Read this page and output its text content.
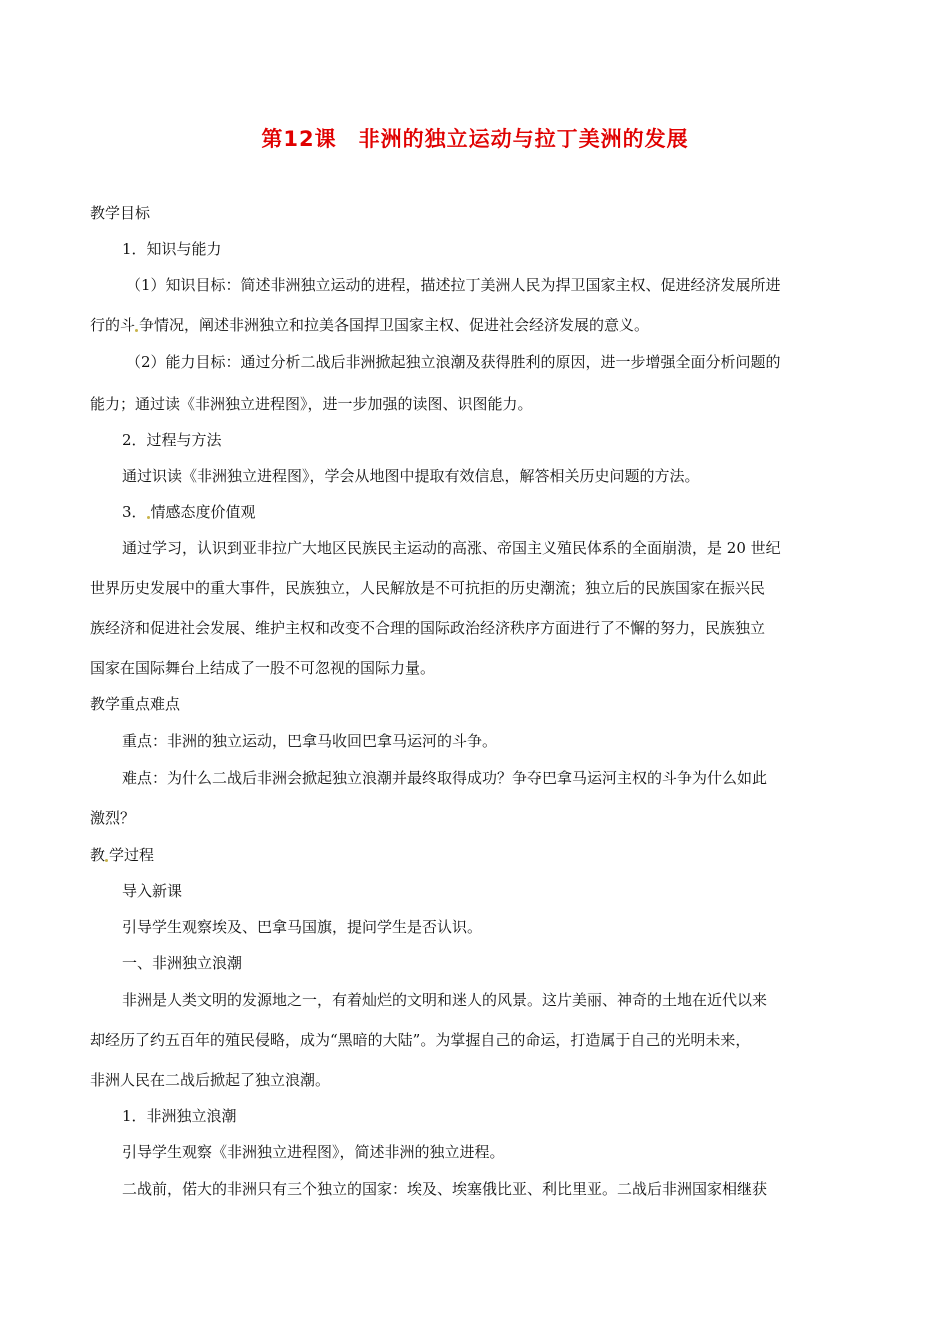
第12课 非洲的独立运动与拉丁美洲的发展

教学目标

1．知识与能力

（1）知识目标：简述非洲独立运动的进程，描述拉丁美洲人民为捍卫国家主权、促进经济发展所进

行的斗 争情况，阐述非洲独立和拉美各国捍卫国家主权、促进社会经济发展的意义。

（2）能力目标：通过分析二战后非洲掀起独立浪潮及获得胜利的原因，进一步增强全面分析问题的

能力；通过读《非洲独立进程图》，进一步加强的读图、识图能力。

2．过程与方法

通过识读《非洲独立进程图》，学会从地图中提取有效信息，解答相关历史问题的方法。

3． 情感态度价值观

通过学习，认识到亚非拉广大地区民族民主运动的高涨、帝国主义殖民体系的全面崩溃，是 20 世纪

世界历史发展中的重大事件，民族独立，人民解放是不可抗拒的历史潮流；独立后的民族国家在振兴民

族经济和促进社会发展、维护主权和改变不合理的国际政治经济秩序方面进行了不懈的努力，民族独立

国家在国际舞台上结成了一股不可忽视的国际力量。

教学重点难点

重点：非洲的独立运动，巴拿马收回巴拿马运河的斗争。

难点：为什么二战后非洲会掀起独立浪潮并最终取得成功？争夺巴拿马运河主权的斗争为什么如此

激烈？

教 学过程

导入新课

引导学生观察埃及、巴拿马国旗，提问学生是否认识。

一、非洲独立浪潮

非洲是人类文明的发源地之一，有着灿烂的文明和迷人的风景。这片美丽、神奇的土地在近代以来

却经历了约五百年的殖民侵略，成为“黑暗的大陆”。为掌握自己的命运，打造属于自己的光明未来，

非洲人民在二战后掀起了独立浪潮。

1．非洲独立浪潮

引导学生观察《非洲独立进程图》，简述非洲的独立进程。

二战前，偌大的非洲只有三个独立的国家：埃及、埃塞俄比亚、利比里亚。二战后非洲国家相继获
